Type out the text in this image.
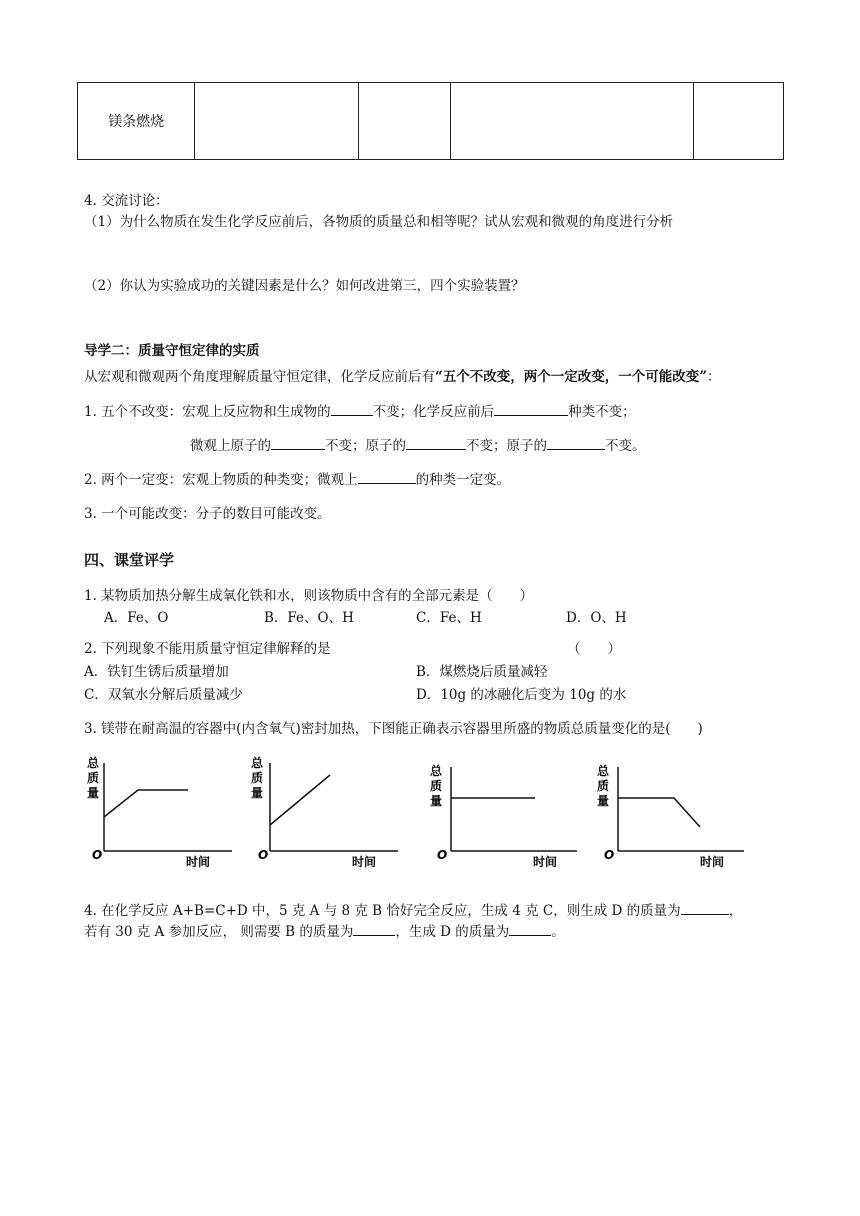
镁条燃烧				
4. 交流讨论：
（1）为什么物质在发生化学反应前后，各物质的质量总和相等呢？试从宏观和微观的角度进行分析
（2）你认为实验成功的关键因素是什么？如何改进第三，四个实验装置？
导学二：质量守恒定律的实质
从宏观和微观两个角度理解质量守恒定律，化学反应前后有“五个不改变，两个一定改变，一个可能改变”：
1. 五个不改变：宏观上反应物和生成物的	不变；化学反应前后	种类不变；
微观上原子的	不变；原子的	不变；原子的	不变。
2. 两个一定变：宏观上物质的种类变；微观上	的种类一定变。
3. 一个可能改变：分子的数目可能改变。
四、课堂评学
1. 某物质加热分解生成氧化铁和水，则该物质中含有的全部元素是（　　）
A．Fe、O	B．Fe、O、H	C．Fe、H	D．O、H
2. 下列现象不能用质量守恒定律解释的是	（　　）
A．铁钉生锈后质量增加	B．煤燃烧后质量减轻
C．双氧水分解后质量减少	D．10g 的冰融化后变为 10g 的水
3. 镁带在耐高温的容器中(内含氧气)密封加热，下图能正确表示容器里所盛的物质总质量变化的是(　　)
总
质
量
O	时间
总
质
量
O	时间
总
质
量
O	时间
总
质
量
O	时间
4. 在化学反应 A+B=C+D 中，5 克 A 与 8 克 B 恰好完全反应，生成 4 克 C，则生成 D 的质量为	，
若有 30 克 A 参加反应， 则需要 B 的质量为	，生成 D 的质量为	。
